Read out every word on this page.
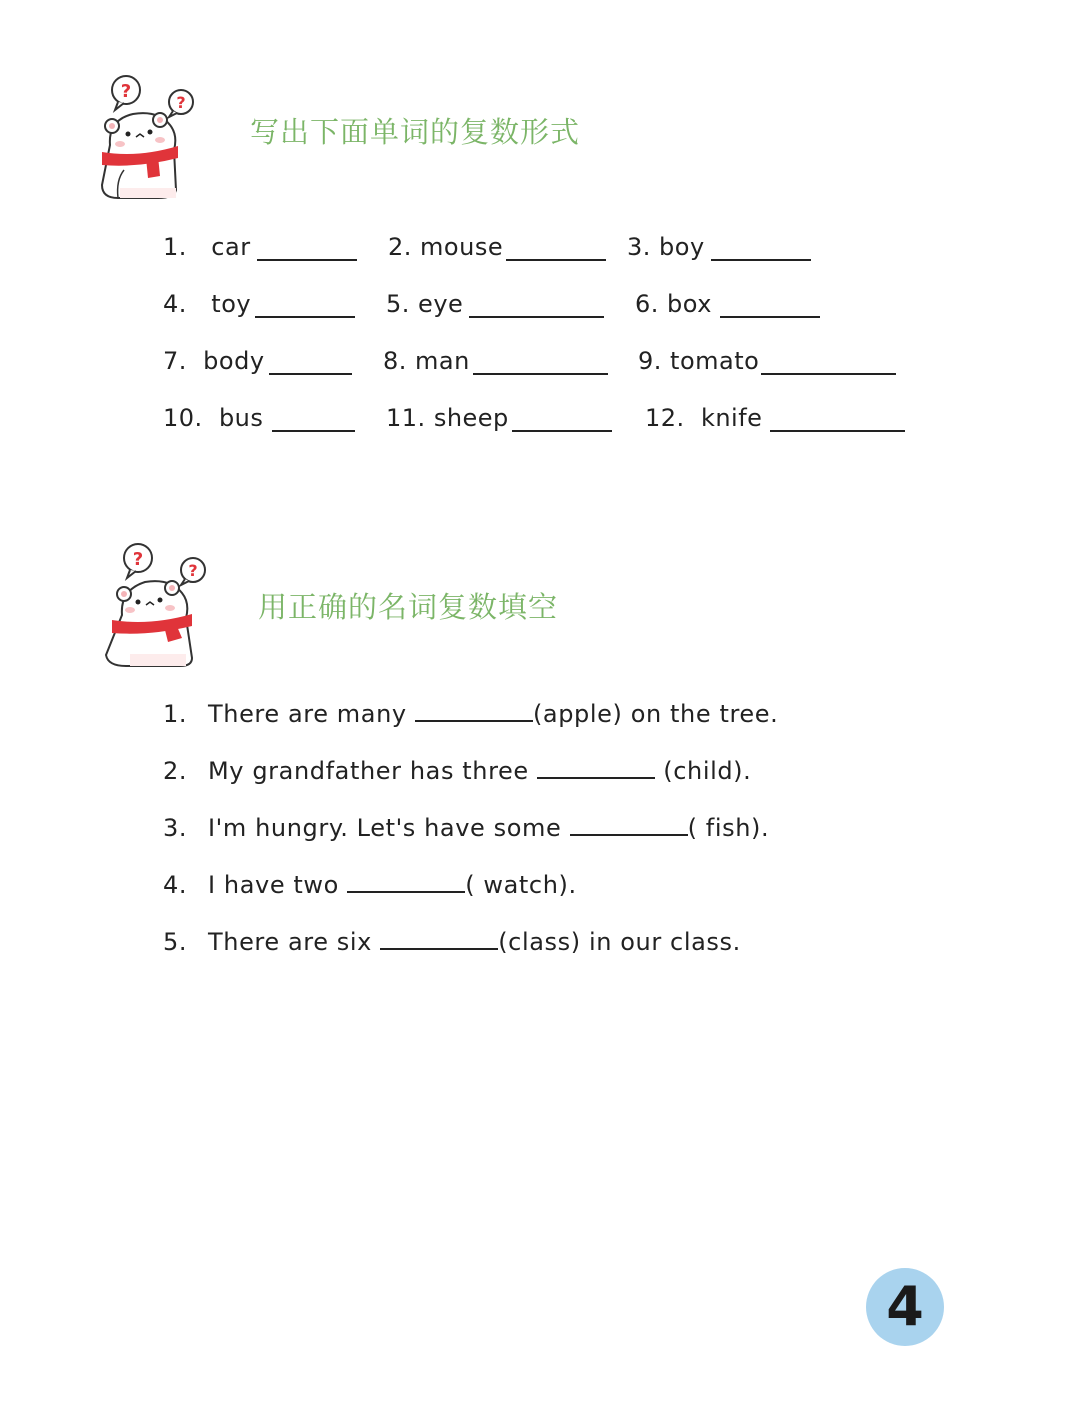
?
?
写出下面单词的复数形式
1. car	2. mouse	3. boy
4. toy	5. eye	6. box
7. body	8. man	9. tomato
10. bus	11. sheep	12. knife
?
?
用正确的名词复数填空
1. There are many	(apple) on the tree.
2. My grandfather has three	(child).
3. I'm hungry. Let's have some	( fish).
4. I have two	( watch).
5. There are six	(class) in our class.
4
